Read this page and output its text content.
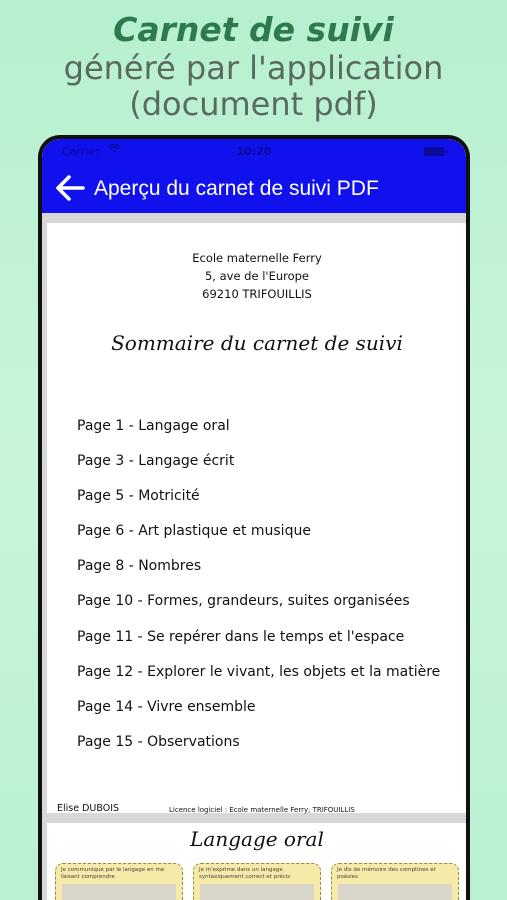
Carnet de suivi
généré par l'application
(document pdf)
Carrier	10:20
Aperçu du carnet de suivi PDF
Ecole maternelle Ferry
5, ave de l'Europe
69210 TRIFOUILLIS
Sommaire du carnet de suivi
Page 1 - Langage oral
Page 3 - Langage écrit
Page 5 - Motricité
Page 6 - Art plastique et musique
Page 8 - Nombres
Page 10 - Formes, grandeurs, suites organisées
Page 11 - Se repérer dans le temps et l'espace
Page 12 - Explorer le vivant, les objets et la matière
Page 14 - Vivre ensemble
Page 15 - Observations
Elise DUBOIS	Licence logiciel : Ecole maternelle Ferry, TRIFOUILLIS
Langage oral
Je communique par le langage en me faisant comprendre
Je m'exprime dans un langage syntaxiquement correct et précis
Je dis de mémoire des comptines et poésies
